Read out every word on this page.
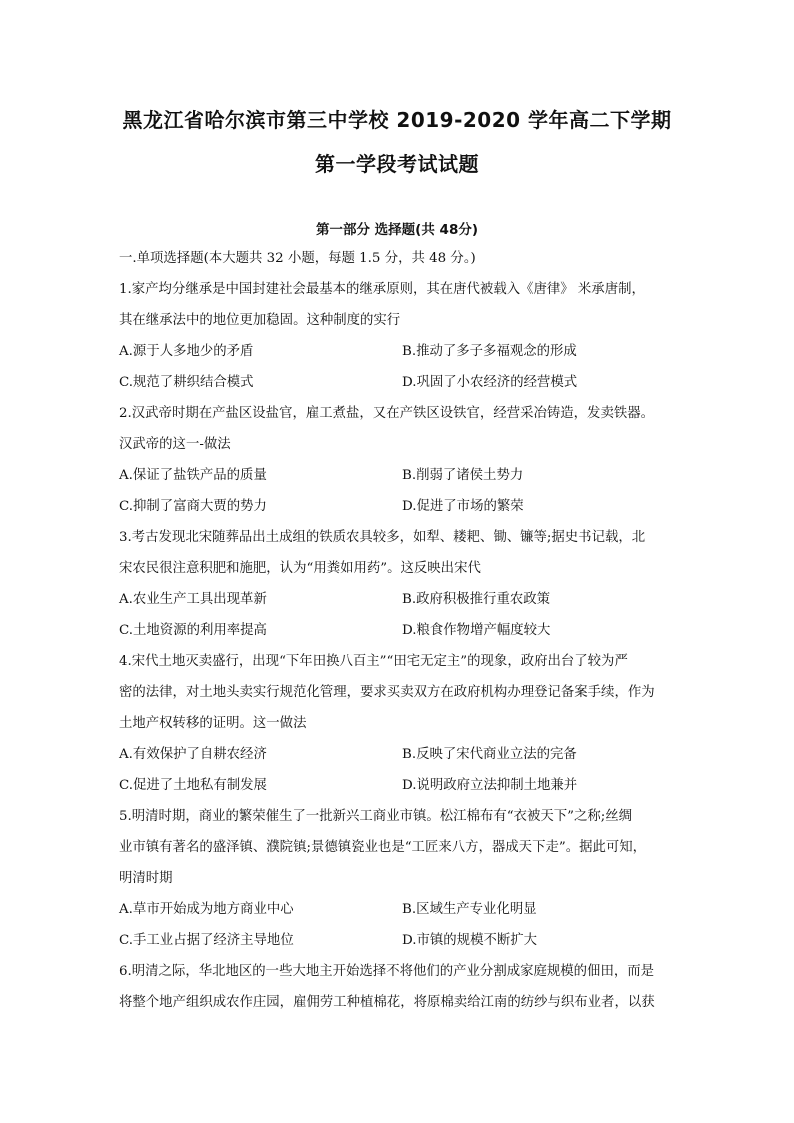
黑龙江省哈尔滨市第三中学校 2019-2020 学年高二下学期
第一学段考试试题
第一部分 选择题(共 48分)
一.单项选择题(本大题共 32 小题，每题 1.5 分，共 48 分。)
1.家产均分继承是中国封建社会最基本的继承原则，其在唐代被载入《唐律》 米承唐制，
其在继承法中的地位更加稳固。这种制度的实行
A.源于人多地少的矛盾	B.推动了多子多福观念的形成
C.规范了耕织结合模式	D.巩固了小农经济的经营模式
2.汉武帝时期在产盐区设盐官，雇工煮盐，又在产铁区设铁官，经营采冶铸造，发卖铁器。
汉武帝的这一-做法
A.保证了盐铁产品的质量	B.削弱了诸侯土势力
C.抑制了富商大贾的势力	D.促进了市场的繁荣
3.考古发现北宋随葬品出土成组的铁质农具较多，如犁、耧耙、锄、镰等;据史书记载，北
宋农民很注意积肥和施肥，认为“用粪如用药”。这反映出宋代
A.农业生产工具出现革新	B.政府积极推行重农政策
C.土地资源的利用率提高	D.粮食作物增产幅度较大
4.宋代土地灭卖盛行，出现“下年田换八百主”“田宅无定主”的现象，政府出台了较为严
密的法律，对土地头卖实行规范化管理，要求买卖双方在政府机构办理登记备案手续，作为
土地产权转移的证明。这一做法
A.有效保护了自耕农经济	B.反映了宋代商业立法的完备
C.促进了土地私有制发展	D.说明政府立法抑制土地兼并
5.明清时期，商业的繁荣催生了一批新兴工商业市镇。松江棉布有“衣被天下”之称;丝绸
业市镇有著名的盛泽镇、濮院镇;景德镇瓷业也是“工匠来八方，器成天下走”。据此可知，
明清时期
A.草市开始成为地方商业中心	B.区域生产专业化明显
C.手工业占据了经济主导地位	D.市镇的规模不断扩大
6.明清之际，华北地区的一些大地主开始选择不将他们的产业分割成家庭规模的佃田，而是
将整个地产组织成农作庄园，雇佣劳工种植棉花，将原棉卖给江南的纺纱与织布业者，以获
